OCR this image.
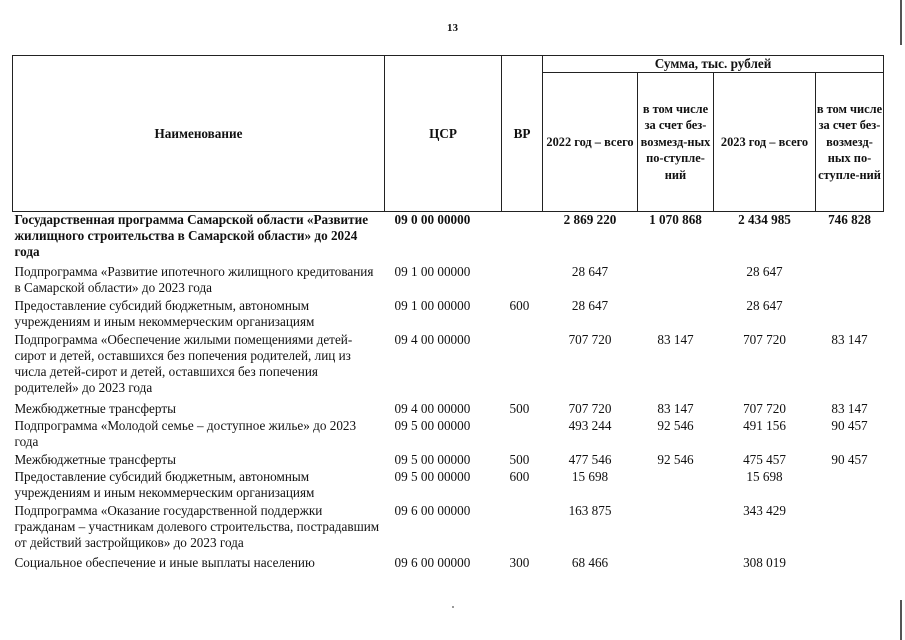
13
Наименование	ЦСР	ВР	Сумма, тыс. рублей			
			2022 год – всего	в том числе за счет без-возмезд-ных по-ступле-ний	2023 год – всего	в том числе за счет без-возмезд-ных по-ступле-ний
Государственная программа Самарской области «Развитие жилищного строительства в Самарской области» до 2024 года	09 0 00 00000		2 869 220	1 070 868	2 434 985	746 828
Подпрограмма «Развитие ипотечного жилищного кредитования в Самарской области» до 2023 года	09 1 00 00000		28 647		28 647	
Предоставление субсидий бюджетным, автономным учреждениям и иным некоммерческим организациям	09 1 00 00000	600	28 647		28 647	
Подпрограмма «Обеспечение жилыми помещениями детей-сирот и детей, оставшихся без попечения родителей, лиц из числа детей-сирот и детей, оставшихся без попечения родителей» до 2023 года	09 4 00 00000		707 720	83 147	707 720	83 147
Межбюджетные трансферты	09 4 00 00000	500	707 720	83 147	707 720	83 147
Подпрограмма «Молодой семье – доступное жилье» до 2023 года	09 5 00 00000		493 244	92 546	491 156	90 457
Межбюджетные трансферты	09 5 00 00000	500	477 546	92 546	475 457	90 457
Предоставление субсидий бюджетным, автономным учреждениям и иным некоммерческим организациям	09 5 00 00000	600	15 698		15 698	
Подпрограмма «Оказание государственной поддержки гражданам – участникам долевого строительства, пострадавшим от действий застройщиков» до 2023 года	09 6 00 00000		163 875		343 429	
Социальное обеспечение и иные выплаты населению	09 6 00 00000	300	68 466		308 019	
